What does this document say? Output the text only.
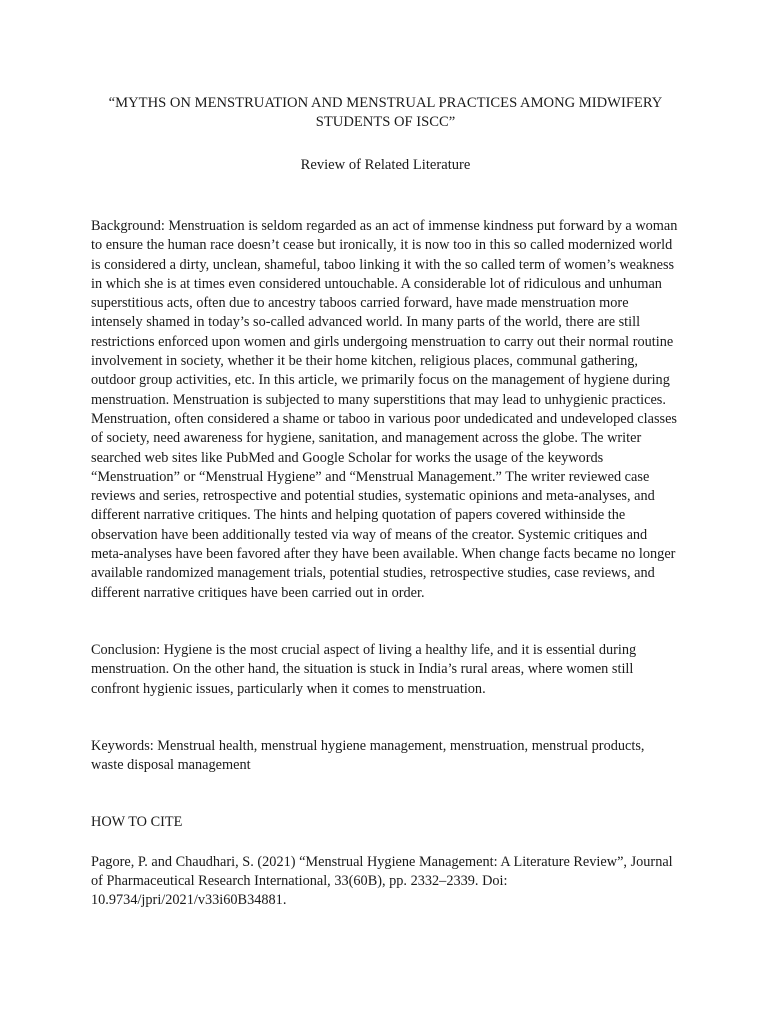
“MYTHS ON MENSTRUATION AND MENSTRUAL PRACTICES AMONG MIDWIFERY STUDENTS OF ISCC”

Review of Related Literature

Background: Menstruation is seldom regarded as an act of immense kindness put forward by a woman to ensure the human race doesn’t cease but ironically, it is now too in this so called modernized world is considered a dirty, unclean, shameful, taboo linking it with the so called term of women’s weakness in which she is at times even considered untouchable. A considerable lot of ridiculous and unhuman superstitious acts, often due to ancestry taboos carried forward, have made menstruation more intensely shamed in today’s so-called advanced world. In many parts of the world, there are still restrictions enforced upon women and girls undergoing menstruation to carry out their normal routine involvement in society, whether it be their home kitchen, religious places, communal gathering, outdoor group activities, etc. In this article, we primarily focus on the management of hygiene during menstruation. Menstruation is subjected to many superstitions that may lead to unhygienic practices. Menstruation, often considered a shame or taboo in various poor undedicated and undeveloped classes of society, need awareness for hygiene, sanitation, and management across the globe. The writer searched web sites like PubMed and Google Scholar for works the usage of the keywords “Menstruation” or “Menstrual Hygiene” and “Menstrual Management.” The writer reviewed case reviews and series, retrospective and potential studies, systematic opinions and meta-analyses, and different narrative critiques. The hints and helping quotation of papers covered withinside the observation have been additionally tested via way of means of the creator. Systemic critiques and meta-analyses have been favored after they have been available. When change facts became no longer available randomized management trials, potential studies, retrospective studies, case reviews, and different narrative critiques have been carried out in order.

Conclusion: Hygiene is the most crucial aspect of living a healthy life, and it is essential during menstruation. On the other hand, the situation is stuck in India’s rural areas, where women still confront hygienic issues, particularly when it comes to menstruation.

Keywords: Menstrual health, menstrual hygiene management, menstruation, menstrual products, waste disposal management

HOW TO CITE

Pagore, P. and Chaudhari, S. (2021) “Menstrual Hygiene Management: A Literature Review”, Journal of Pharmaceutical Research International, 33(60B), pp. 2332–2339. Doi: 10.9734/jpri/2021/v33i60B34881.
